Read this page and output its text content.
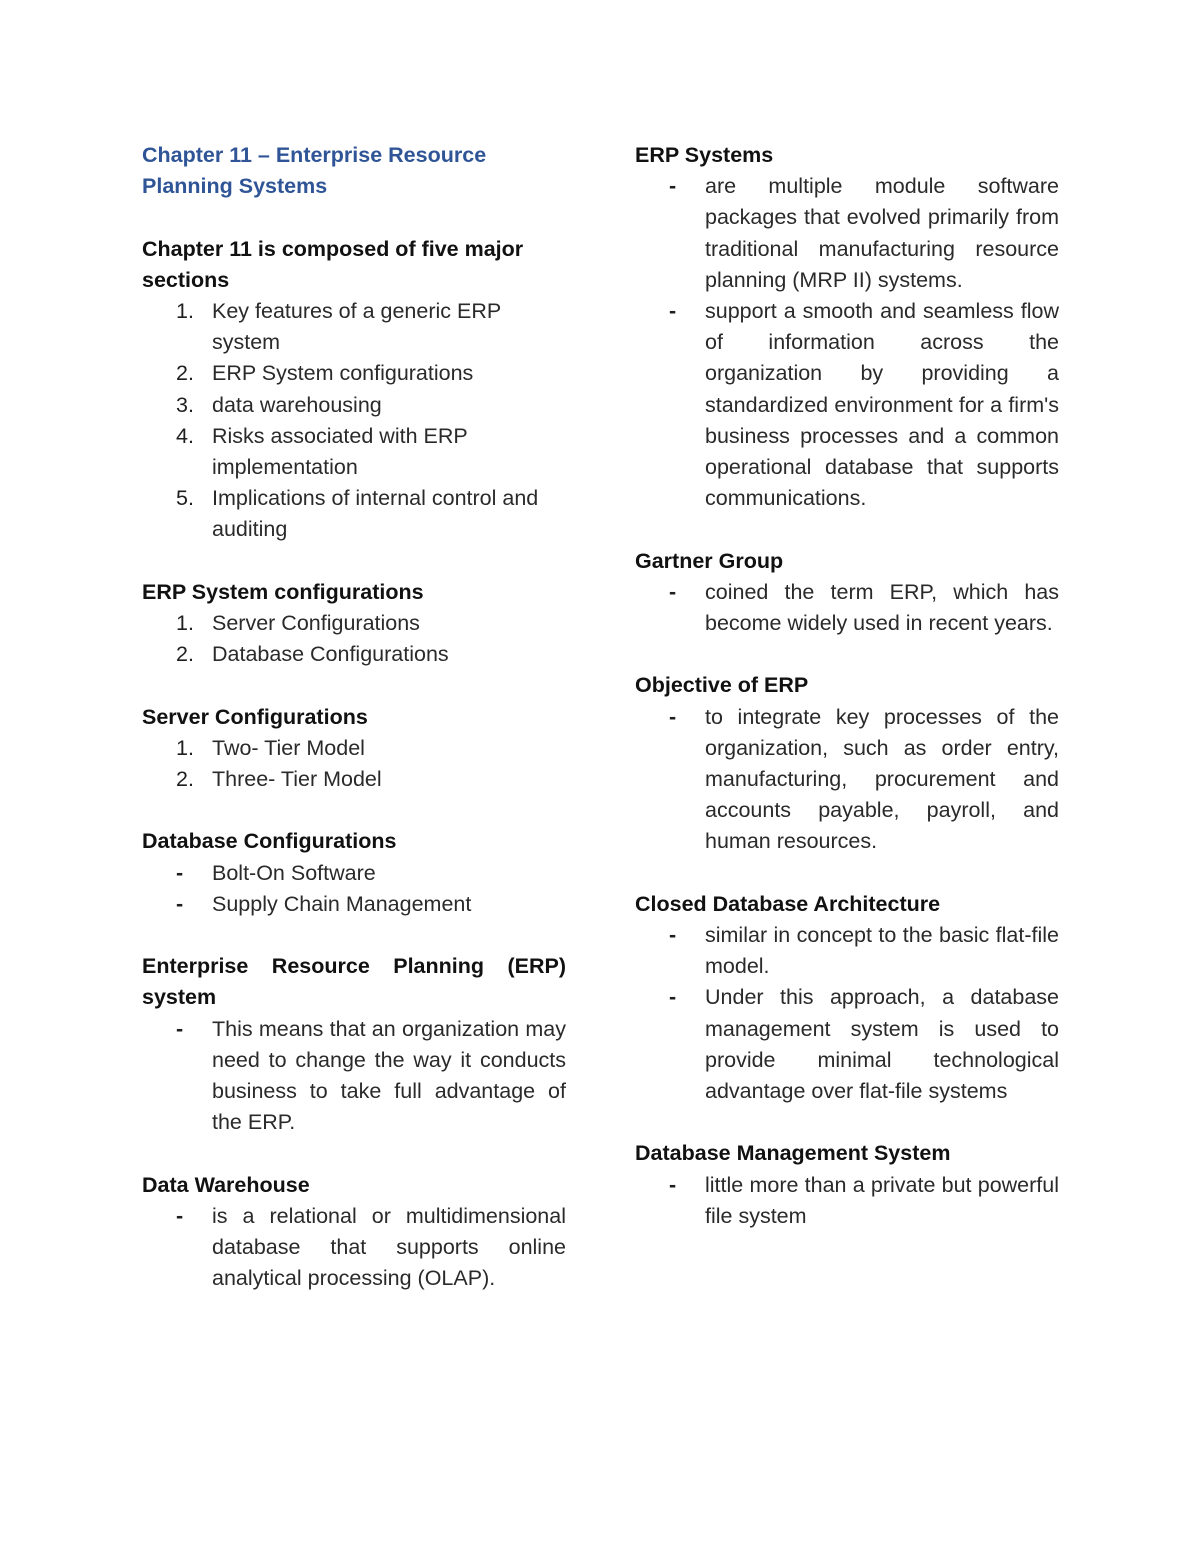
Chapter 11 – Enterprise Resource
Planning Systems

Chapter 11 is composed of five major sections

1. Key features of a generic ERP system
2. ERP System configurations
3. data warehousing
4. Risks associated with ERP implementation
5. Implications of internal control and auditing

ERP System configurations

1. Server Configurations
2. Database Configurations

Server Configurations

1. Two- Tier Model
2. Three- Tier Model

Database Configurations

- Bolt-On Software
- Supply Chain Management

Enterprise Resource Planning (ERP) system

- This means that an organization may need to change the way it conducts business to take full advantage of the ERP.

Data Warehouse

- is a relational or multidimensional database that supports online analytical processing (OLAP).

ERP Systems

- are multiple module software packages that evolved primarily from traditional manufacturing resource planning (MRP II) systems.
- support a smooth and seamless flow of information across the organization by providing a standardized environment for a firm's business processes and a common operational database that supports communications.

Gartner Group

- coined the term ERP, which has become widely used in recent years.

Objective of ERP

- to integrate key processes of the organization, such as order entry, manufacturing, procurement and accounts payable, payroll, and human resources.

Closed Database Architecture

- similar in concept to the basic flat-file model.
- Under this approach, a database management system is used to provide minimal technological advantage over flat-file systems

Database Management System

- little more than a private but powerful file system
